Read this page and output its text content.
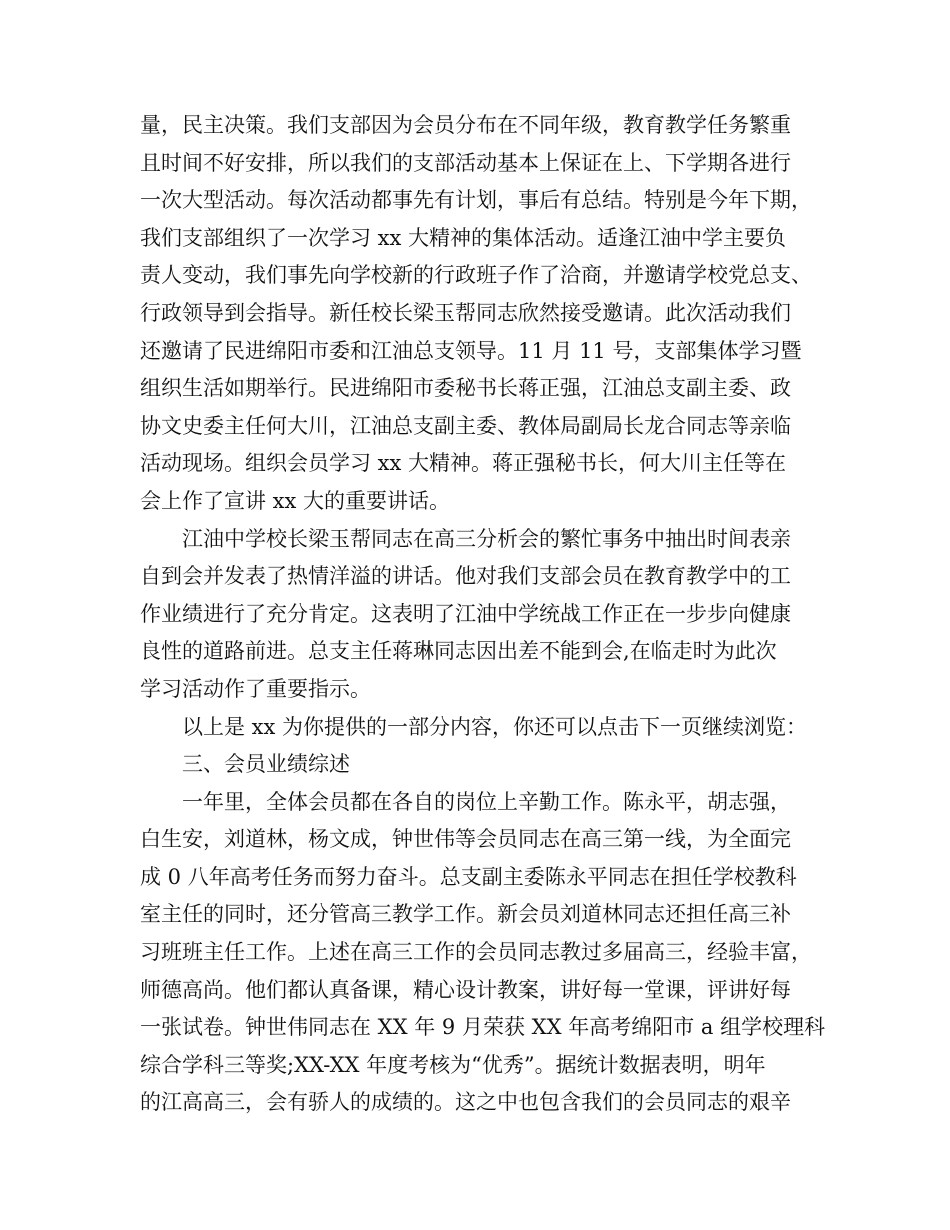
量，民主决策。我们支部因为会员分布在不同年级，教育教学任务繁重
且时间不好安排，所以我们的支部活动基本上保证在上、下学期各进行
一次大型活动。每次活动都事先有计划，事后有总结。特别是今年下期，
我们支部组织了一次学习 xx 大精神的集体活动。适逢江油中学主要负
责人变动，我们事先向学校新的行政班子作了洽商，并邀请学校党总支、
行政领导到会指导。新任校长梁玉帮同志欣然接受邀请。此次活动我们
还邀请了民进绵阳市委和江油总支领导。11 月 11 号，支部集体学习暨
组织生活如期举行。民进绵阳市委秘书长蒋正强，江油总支副主委、政
协文史委主任何大川，江油总支副主委、教体局副局长龙合同志等亲临
活动现场。组织会员学习 xx 大精神。蒋正强秘书长，何大川主任等在
会上作了宣讲 xx 大的重要讲话。
江油中学校长梁玉帮同志在高三分析会的繁忙事务中抽出时间表亲
自到会并发表了热情洋溢的讲话。他对我们支部会员在教育教学中的工
作业绩进行了充分肯定。这表明了江油中学统战工作正在一步步向健康
良性的道路前进。总支主任蒋琳同志因出差不能到会,在临走时为此次
学习活动作了重要指示。
以上是 xx 为你提供的一部分内容，你还可以点击下一页继续浏览：
三、会员业绩综述
一年里，全体会员都在各自的岗位上辛勤工作。陈永平，胡志强，
白生安，刘道林，杨文成，钟世伟等会员同志在高三第一线，为全面完
成 0 八年高考任务而努力奋斗。总支副主委陈永平同志在担任学校教科
室主任的同时，还分管高三教学工作。新会员刘道林同志还担任高三补
习班班主任工作。上述在高三工作的会员同志教过多届高三，经验丰富，
师德高尚。他们都认真备课，精心设计教案，讲好每一堂课，评讲好每
一张试卷。钟世伟同志在 XX 年 9 月荣获 XX 年高考绵阳市 a 组学校理科
综合学科三等奖;XX-XX 年度考核为“优秀”。据统计数据表明，明年
的江高高三，会有骄人的成绩的。这之中也包含我们的会员同志的艰辛
